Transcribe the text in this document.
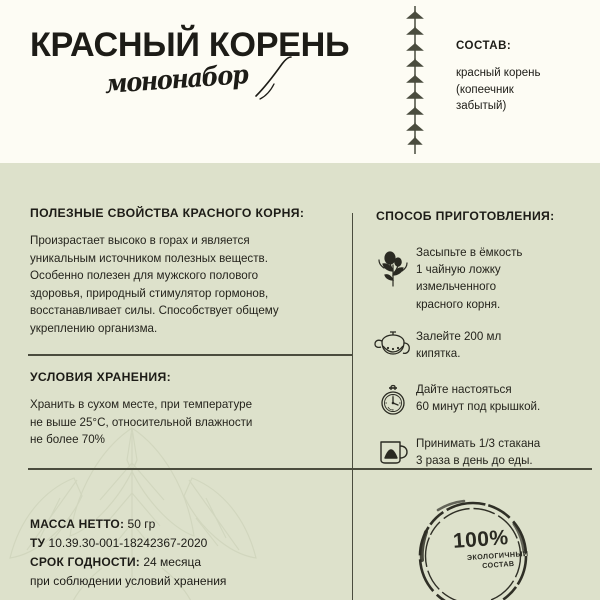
КРАСНЫЙ КОРЕНЬ
мононабор
СОСТАВ:
красный корень
(копеечник
забытый)
ПОЛЕЗНЫЕ СВОЙСТВА КРАСНОГО КОРНЯ:
Произрастает высоко в горах и является
уникальным источником полезных веществ.
Особенно полезен для мужского полового
здоровья, природный стимулятор гормонов,
восстанавливает силы. Способствует общему
укреплению организма.
УСЛОВИЯ ХРАНЕНИЯ:
Хранить в сухом месте, при температуре
не выше 25°C, относительной влажности
не более 70%
МАССА НЕТТО: 50 гр
ТУ 10.39.30-001-18242367-2020
СРОК ГОДНОСТИ: 24 месяца
при соблюдении условий хранения
СПОСОБ ПРИГОТОВЛЕНИЯ:
Засыпьте в ёмкость
1 чайную ложку
измельченного
красного корня.
Залейте 200 мл
кипятка.
Дайте настояться
60 минут под крышкой.
Принимать 1/3 стакана
3 раза в день до еды.
100%
ЭКОЛОГИЧНЫЙ
СОСТАВ
